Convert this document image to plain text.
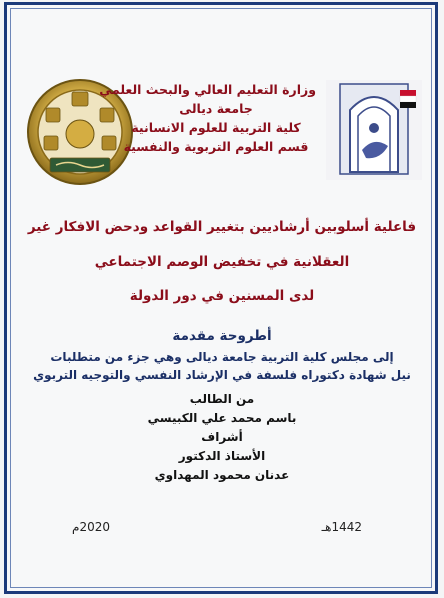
وزارة التعليم العالي والبحث العلمي
جامعة ديالى
كلية التربية للعلوم الانسانية
قسم العلوم التربوية والنفسية
فاعلية أسلوبين أرشاديين بتغيير القواعد ودحض الافكار غير
العقلانية في تخفيض الوصم الاجتماعي
لدى المسنين في دور الدولة
أطروحة مقدمة
إلى مجلس كلية التربية جامعة ديالى وهي جزء من متطلبات
نيل شهادة دكتوراه فلسفة في الإرشاد النفسي والتوجيه التربوي
من الطالب
باسم محمد علي الكبيسي
أشراف
الأستاذ الدكتور
عدنان محمود المهداوي
1442هـ
2020م
